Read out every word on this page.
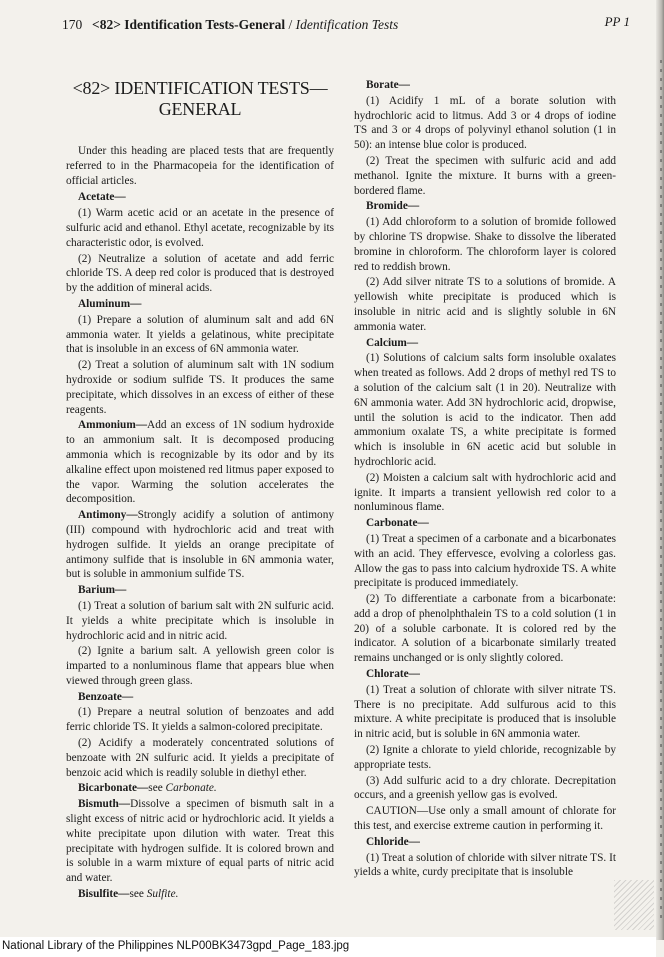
170 <82> Identification Tests-General / Identification Tests	PP 1
<82> IDENTIFICATION TESTS—
GENERAL

Under this heading are placed tests that are frequently referred to in the Pharmacopeia for the identification of official articles.

Acetate—

(1) Warm acetic acid or an acetate in the presence of sulfuric acid and ethanol. Ethyl acetate, recognizable by its characteristic odor, is evolved.

(2) Neutralize a solution of acetate and add ferric chloride TS. A deep red color is produced that is destroyed by the addition of mineral acids.

Aluminum—

(1) Prepare a solution of aluminum salt and add 6N ammonia water. It yields a gelatinous, white precipitate that is insoluble in an excess of 6N ammonia water.

(2) Treat a solution of aluminum salt with 1N sodium hydroxide or sodium sulfide TS. It produces the same precipitate, which dissolves in an excess of either of these reagents.

Ammonium—Add an excess of 1N sodium hydroxide to an ammonium salt. It is decomposed producing ammonia which is recognizable by its odor and by its alkaline effect upon moistened red litmus paper exposed to the vapor. Warming the solution accelerates the decomposition.

Antimony—Strongly acidify a solution of antimony (III) compound with hydrochloric acid and treat with hydrogen sulfide. It yields an orange precipitate of antimony sulfide that is insoluble in 6N ammonia water, but is soluble in ammonium sulfide TS.

Barium—

(1) Treat a solution of barium salt with 2N sulfuric acid. It yields a white precipitate which is insoluble in hydrochloric acid and in nitric acid.

(2) Ignite a barium salt. A yellowish green color is imparted to a nonluminous flame that appears blue when viewed through green glass.

Benzoate—

(1) Prepare a neutral solution of benzoates and add ferric chloride TS. It yields a salmon-colored precipitate.

(2) Acidify a moderately concentrated solutions of benzoate with 2N sulfuric acid. It yields a precipitate of benzoic acid which is readily soluble in diethyl ether.

Bicarbonate—see Carbonate.

Bismuth—Dissolve a specimen of bismuth salt in a slight excess of nitric acid or hydrochloric acid. It yields a white precipitate upon dilution with water. Treat this precipitate with hydrogen sulfide. It is colored brown and is soluble in a warm mixture of equal parts of nitric acid and water.

Bisulfite—see Sulfite.

Borate—

(1) Acidify 1 mL of a borate solution with hydrochloric acid to litmus. Add 3 or 4 drops of iodine TS and 3 or 4 drops of polyvinyl ethanol solution (1 in 50): an intense blue color is produced.

(2) Treat the specimen with sulfuric acid and add methanol. Ignite the mixture. It burns with a green-bordered flame.

Bromide—

(1) Add chloroform to a solution of bromide followed by chlorine TS dropwise. Shake to dissolve the liberated bromine in chloroform. The chloroform layer is colored red to reddish brown.

(2) Add silver nitrate TS to a solutions of bromide. A yellowish white precipitate is produced which is insoluble in nitric acid and is slightly soluble in 6N ammonia water.

Calcium—

(1) Solutions of calcium salts form insoluble oxalates when treated as follows. Add 2 drops of methyl red TS to a solution of the calcium salt (1 in 20). Neutralize with 6N ammonia water. Add 3N hydrochloric acid, dropwise, until the solution is acid to the indicator. Then add ammonium oxalate TS, a white precipitate is formed which is insoluble in 6N acetic acid but soluble in hydrochloric acid.

(2) Moisten a calcium salt with hydrochloric acid and ignite. It imparts a transient yellowish red color to a nonluminous flame.

Carbonate—

(1) Treat a specimen of a carbonate and a bicarbonates with an acid. They effervesce, evolving a colorless gas. Allow the gas to pass into calcium hydroxide TS. A white precipitate is produced immediately.

(2) To differentiate a carbonate from a bicarbonate: add a drop of phenolphthalein TS to a cold solution (1 in 20) of a soluble carbonate. It is colored red by the indicator. A solution of a bicarbonate similarly treated remains unchanged or is only slightly colored.

Chlorate—

(1) Treat a solution of chlorate with silver nitrate TS. There is no precipitate. Add sulfurous acid to this mixture. A white precipitate is produced that is insoluble in nitric acid, but is soluble in 6N ammonia water.

(2) Ignite a chlorate to yield chloride, recognizable by appropriate tests.

(3) Add sulfuric acid to a dry chlorate. Decrepitation occurs, and a greenish yellow gas is evolved.

CAUTION—Use only a small amount of chlorate for this test, and exercise extreme caution in performing it.

Chloride—

(1) Treat a solution of chloride with silver nitrate TS. It yields a white, curdy precipitate that is insoluble

National Library of the Philippines NLP00BK3473gpd_Page_183.jpg
